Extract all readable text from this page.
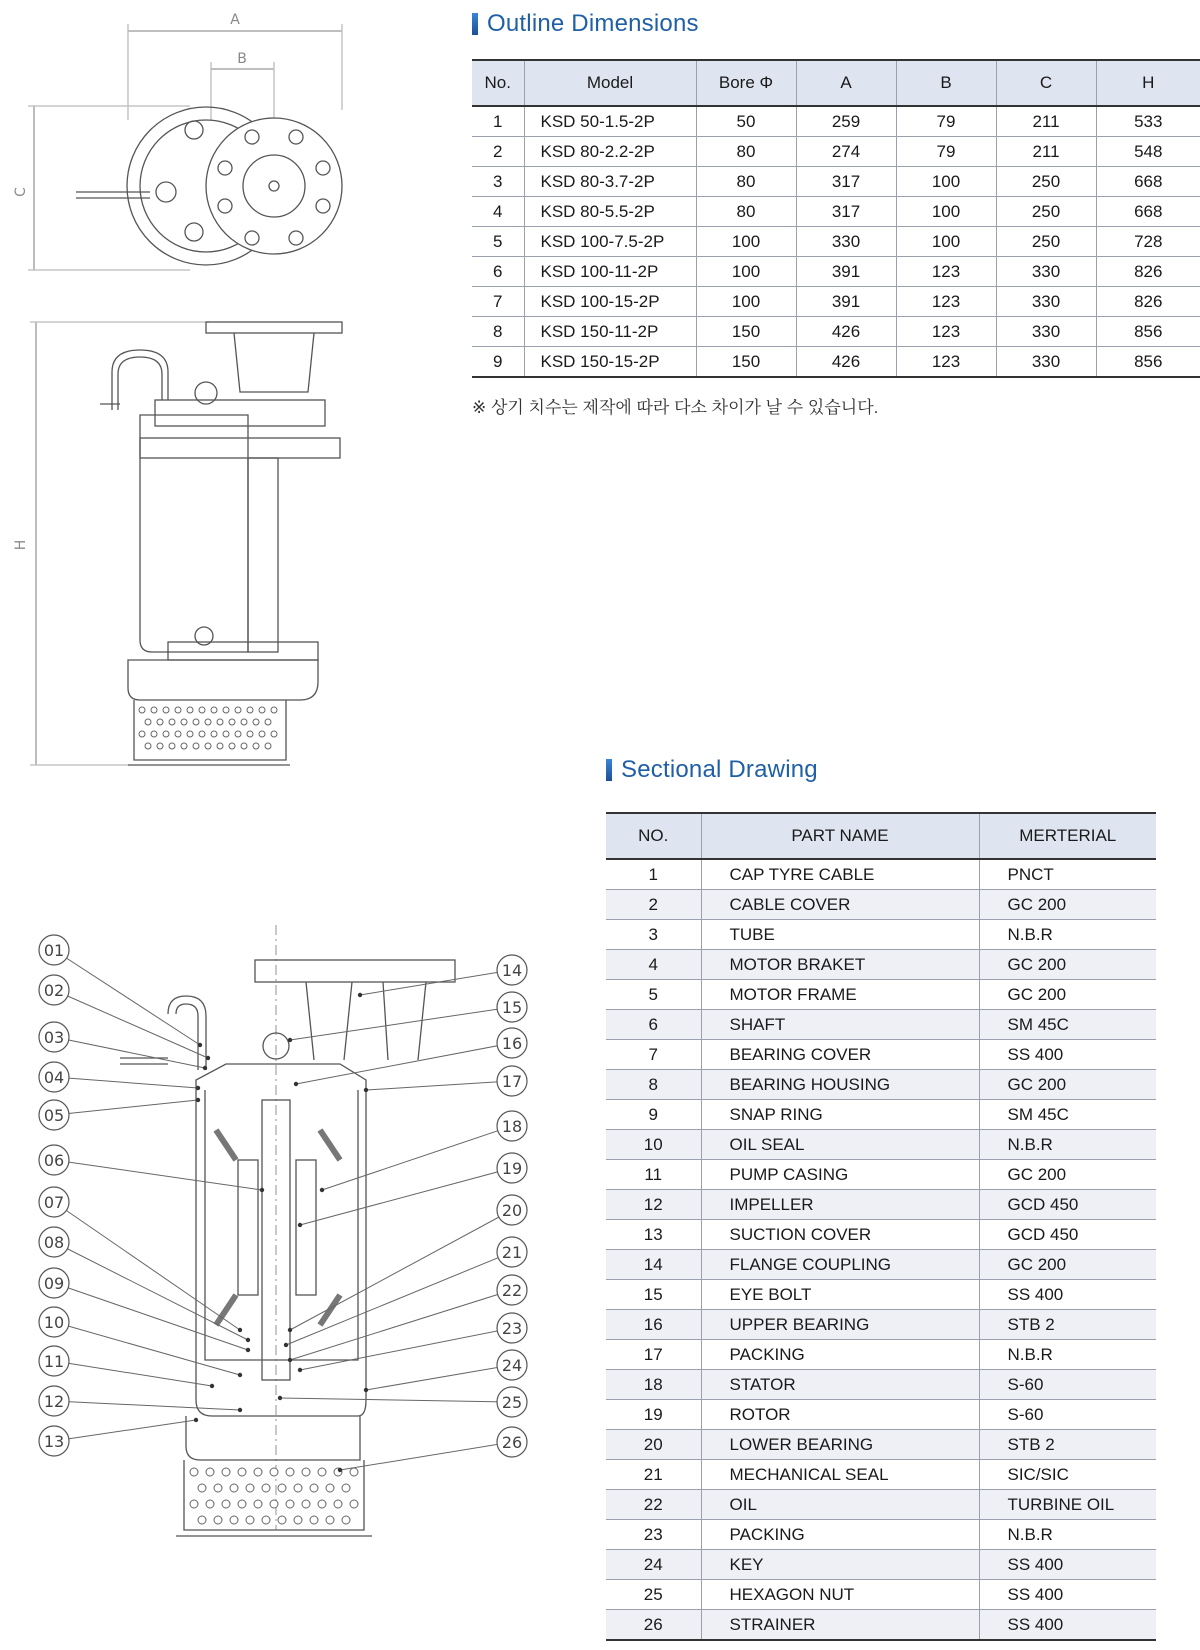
A
B
C
H
01
02
03
04
05
06
07
08
09
10
11
12
13
14
15
16
17
18
19
20
21
22
23
24
25
26
Outline Dimensions
No.	Model	Bore Φ	A	B	C	H
1	KSD 50-1.5-2P	50	259	79	211	533
2	KSD 80-2.2-2P	80	274	79	211	548
3	KSD 80-3.7-2P	80	317	100	250	668
4	KSD 80-5.5-2P	80	317	100	250	668
5	KSD 100-7.5-2P	100	330	100	250	728
6	KSD 100-11-2P	100	391	123	330	826
7	KSD 100-15-2P	100	391	123	330	826
8	KSD 150-11-2P	150	426	123	330	856
9	KSD 150-15-2P	150	426	123	330	856
※ 상기 치수는 제작에 따라 다소 차이가 날 수 있습니다.
Sectional Drawing
NO.	PART NAME	MERTERIAL
1	CAP TYRE CABLE	PNCT
2	CABLE COVER	GC 200
3	TUBE	N.B.R
4	MOTOR BRAKET	GC 200
5	MOTOR FRAME	GC 200
6	SHAFT	SM 45C
7	BEARING COVER	SS 400
8	BEARING HOUSING	GC 200
9	SNAP RING	SM 45C
10	OIL SEAL	N.B.R
11	PUMP CASING	GC 200
12	IMPELLER	GCD 450
13	SUCTION COVER	GCD 450
14	FLANGE COUPLING	GC 200
15	EYE BOLT	SS 400
16	UPPER BEARING	STB 2
17	PACKING	N.B.R
18	STATOR	S-60
19	ROTOR	S-60
20	LOWER BEARING	STB 2
21	MECHANICAL SEAL	SIC/SIC
22	OIL	TURBINE OIL
23	PACKING	N.B.R
24	KEY	SS 400
25	HEXAGON NUT	SS 400
26	STRAINER	SS 400
